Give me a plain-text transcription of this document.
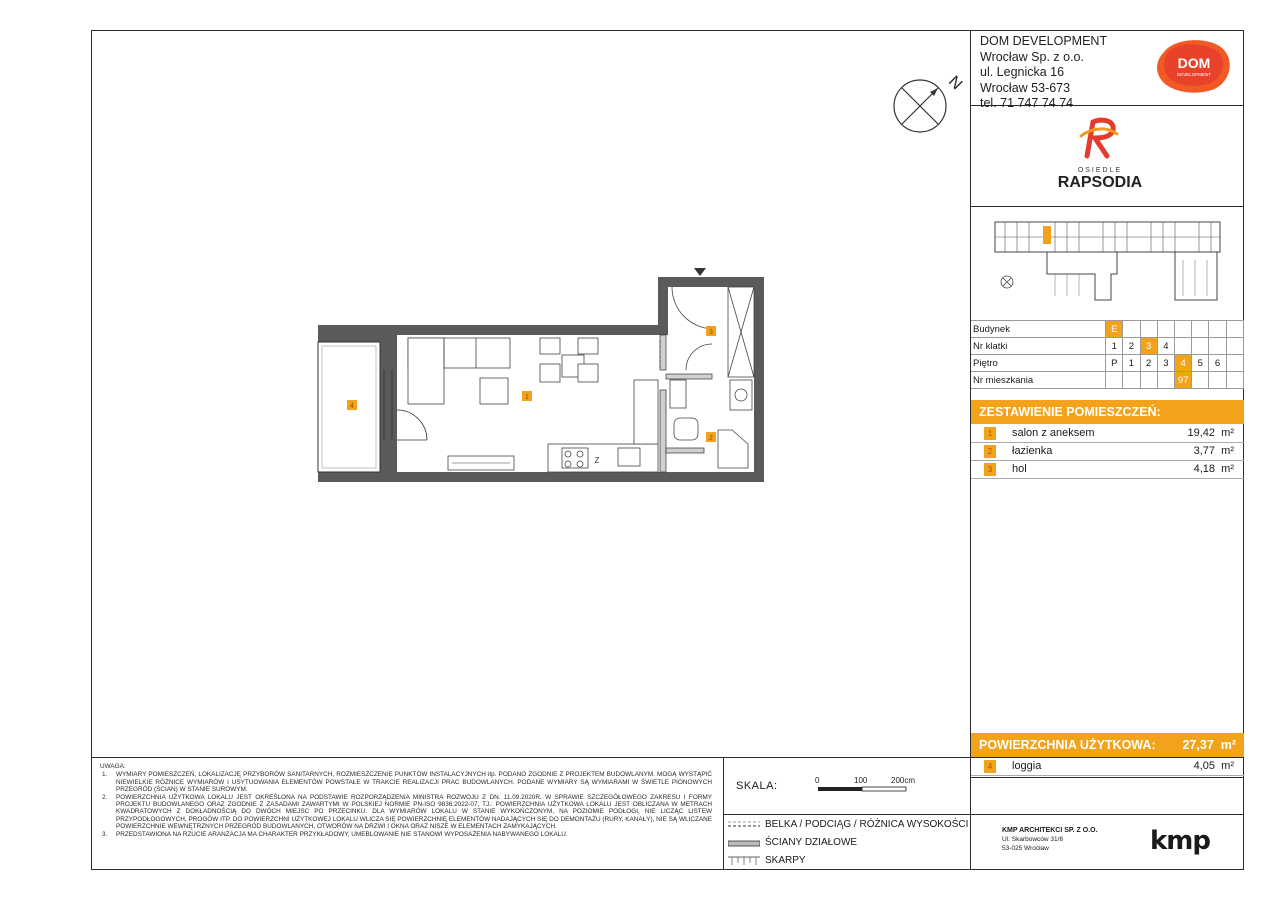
DOM DEVELOPMENT
Wrocław Sp. z o.o.
ul. Legnicka 16
Wrocław 53-673
tel. 71 747 74 74
DOM
DEVELOPMENT
OSIEDLE
RAPSODIA
N
Budynek	E							
Nr klatki	1	2	3	4				
Piętro	P	1	2	3	4	5	6	
Nr mieszkania					97			
ZESTAWIENIE POMIESZCZEŃ:
1	salon z aneksem	19,42 m²
2	łazienka	3,77 m²
3	hol	4,18 m²
POWIERZCHNIA UŻYTKOWA: 27,37 m²
4	loggia	4,05 m²
UWAGA:
1. WYMIARY POMIESZCZEŃ, LOKALIZACJĘ PRZYBORÓW SANITARNYCH, ROZMIESZCZENIE PUNKTÓW INSTALACYJNYCH itp. PODANO ZGODNIE Z PROJEKTEM BUDOWLANYM. MOGĄ WYSTĄPIĆ NIEWIELKIE RÓŻNICE WYMIARÓW I USYTUOWANIA ELEMENTÓW POWSTAŁE W TRAKCIE REALIZACJI PRAC BUDOWLANYCH. PODANE WYMIARY SĄ WYMIARAMI W ŚWIETLE PIONOWYCH PRZEGRÓD (ŚCIAN) W STANIE SUROWYM.
2. POWIERZCHNIA UŻYTKOWA LOKALU JEST OKREŚLONA NA PODSTAWIE ROZPORZĄDZENIA MINISTRA ROZWOJU Z DN. 11.09.2020R. W SPRAWIE SZCZEGÓŁOWEGO ZAKRESU I FORMY PROJEKTU BUDOWLANEGO ORAZ ZGODNIE Z ZASADAMI ZAWARTYMI W POLSKIEJ NORMIE PN-ISO 9836:2022-07, TJ.: POWIERZCHNIA UŻYTKOWA LOKALU JEST OBLICZANA W METRACH KWADRATOWYCH Z DOKŁADNOŚCIĄ DO DWÓCH MIEJSC PO PRZECINKU. DLA WYMIARÓW LOKALU W STANIE WYKOŃCZONYM, NA POZIOMIE PODŁOGI, NIE LICZĄC LISTEW PRZYPODŁOGOWYCH, PROGÓW ITP. DO POWIERZCHNI UŻYTKOWEJ LOKALU WLICZA SIĘ POWIERZCHNIĘ ELEMENTÓW NADAJĄCYCH SIĘ DO DEMONTAŻU (RURY, KANAŁY), NIE SĄ WLICZANE POWIERZCHNIE WEWNĘTRZNYCH PRZEGRÓD BUDOWLANYCH, OTWORÓW NA DRZWI I OKNA ORAZ NISZE W ELEMENTACH ZAMYKAJĄCYCH.
3. PRZEDSTAWIONA NA RZUCIE ARANŻACJA MA CHARAKTER PRZYKŁADOWY, UMEBLOWANIE NIE STANOWI WYPOSAŻENIA NABYWANEGO LOKALU.
SKALA:	0	100	200cm
BELKA / PODCIĄG / RÓŻNICA WYSOKOŚCI
ŚCIANY DZIAŁOWE
SKARPY
KMP ARCHITEKCI SP. Z O.O.
Ul. Skarbowców 31/6
53-025 Wrocław	kmp
1
2
3
4
Z
